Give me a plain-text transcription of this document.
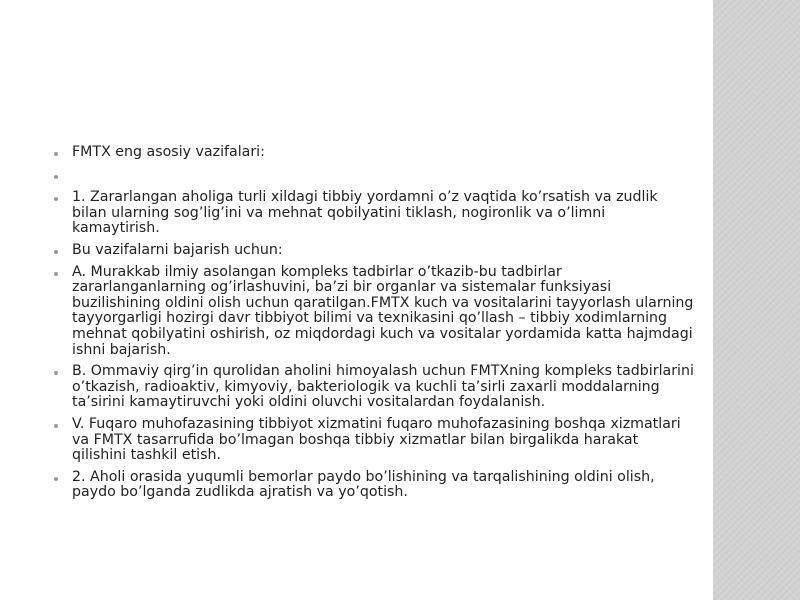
FMTX eng asosiy vazifalari:
1. Zararlangan aholiga turli xildagi tibbiy yordamni o’z vaqtida ko’rsatish va zudlik bilan ularning sog’lig’ini va mehnat qobilyatini tiklash, nogironlik va o’limni kamaytirish.
Bu vazifalarni bajarish uchun:
A. Murakkab ilmiy asolangan kompleks tadbirlar o’tkazib-bu tadbirlar zararlanganlarning og’irlashuvini, ba’zi bir organlar va sistemalar funksiyasi buzilishining oldini olish uchun qaratilgan.FMTX kuch va vositalarini tayyorlash ularning tayyorgarligi hozirgi davr tibbiyot bilimi va texnikasini qo’llash – tibbiy xodimlarning mehnat qobilyatini oshirish, oz miqdordagi kuch va vositalar yordamida katta hajmdagi ishni bajarish.
B. Ommaviy qirg’in qurolidan aholini himoyalash uchun FMTXning kompleks tadbirlarini o’tkazish, radioaktiv, kimyoviy, bakteriologik va kuchli ta’sirli zaxarli moddalarning ta’sirini kamaytiruvchi yoki oldini oluvchi vositalardan foydalanish.
V. Fuqaro muhofazasining tibbiyot xizmatini fuqaro muhofazasining boshqa xizmatlari va FMTX tasarrufida bo’lmagan boshqa tibbiy xizmatlar bilan birgalikda harakat qilishini tashkil etish.
2. Aholi orasida yuqumli bemorlar paydo bo’lishining va tarqalishining oldini olish, paydo bo’lganda zudlikda ajratish va yo’qotish.
